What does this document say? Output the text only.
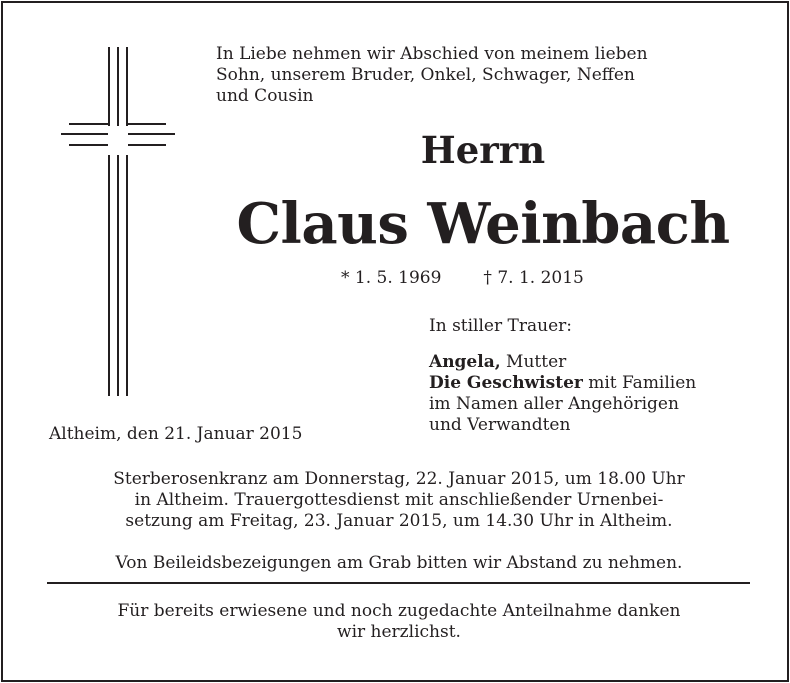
In Liebe nehmen wir Abschied von meinem lieben
Sohn, unserem Bruder, Onkel, Schwager, Neffen
und Cousin
Herrn
Claus Weinbach
* 1. 5. 1969 † 7. 1. 2015
In stiller Trauer:
Angela, Mutter
Die Geschwister mit Familien
im Namen aller Angehörigen
und Verwandten
Altheim, den 21. Januar 2015
Sterberosenkranz am Donnerstag, 22. Januar 2015, um 18.00 Uhr
in Altheim. Trauergottesdienst mit anschließender Urnenbei-
setzung am Freitag, 23. Januar 2015, um 14.30 Uhr in Altheim.
Von Beileidsbezeigungen am Grab bitten wir Abstand zu nehmen.
Für bereits erwiesene und noch zugedachte Anteilnahme danken
wir herzlichst.
